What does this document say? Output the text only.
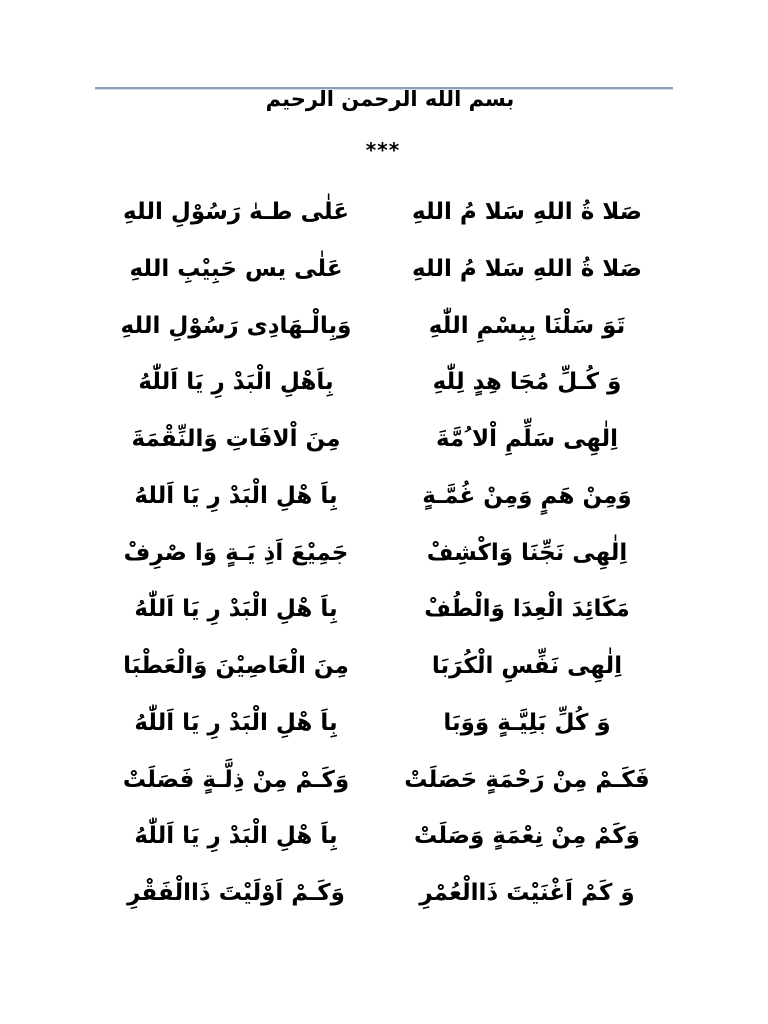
بسم الله الرحمن الرحيم
***
صَلا ةُ اللهِ سَلا مُ اللهِ
عَلٰى طـهٰ رَسُوْلِ اللهِ
صَلا ةُ اللهِ سَلا مُ اللهِ
عَلٰى يس حَبِيْبِ اللهِ
تَوَ سَلْنَا بِبِسْمِ اللّٰهِ
وَبِالْـهَادِى رَسُوْلِ اللهِ
وَ كُـلِّ مُجَا هِدٍ لِلّٰهِ
بِاَهْلِ الْبَدْ رِ يَا اَللّٰهُ
اِلٰهِى سَلِّمِ اْلا ُمَّةَ
مِنَ اْلافَاتِ وَالنِّقْمَةَ
وَمِنْ هَمٍ وَمِنْ غُمَّـةٍ
بِاَ هْلِ الْبَدْ رِ يَا اَللهُ
اِلٰهِى نَجِّنَا وَاكْشِفْ
جَمِيْعَ اَذِ يَـةٍ وَا صْرِفْ
مَكَائِدَ الْعِدَا وَالْطُفْ
بِاَ هْلِ الْبَدْ رِ يَا اَللّٰهُ
اِلٰهِى نَفِّسِ الْكُرَبَا
مِنَ الْعَاصِيْنَ وَالْعَطْبَا
وَ كُلِّ بَلِيَّـةٍ وَوَبَا
بِاَ هْلِ الْبَدْ رِ يَا اَللّٰهُ
فَكَـمْ مِنْ رَحْمَةٍ حَصَلَتْ
وَكَـمْ مِنْ ذِلَّـةٍ فَصَلَتْ
وَكَمْ مِنْ نِعْمَةٍ وَصَلَتْ
بِاَ هْلِ الْبَدْ رِ يَا اَللّٰهُ
وَ كَمْ اَغْنَيْتَ ذَاالْعُمْرِ
وَكَـمْ اَوْلَيْتَ ذَاالْفَقْرِ
